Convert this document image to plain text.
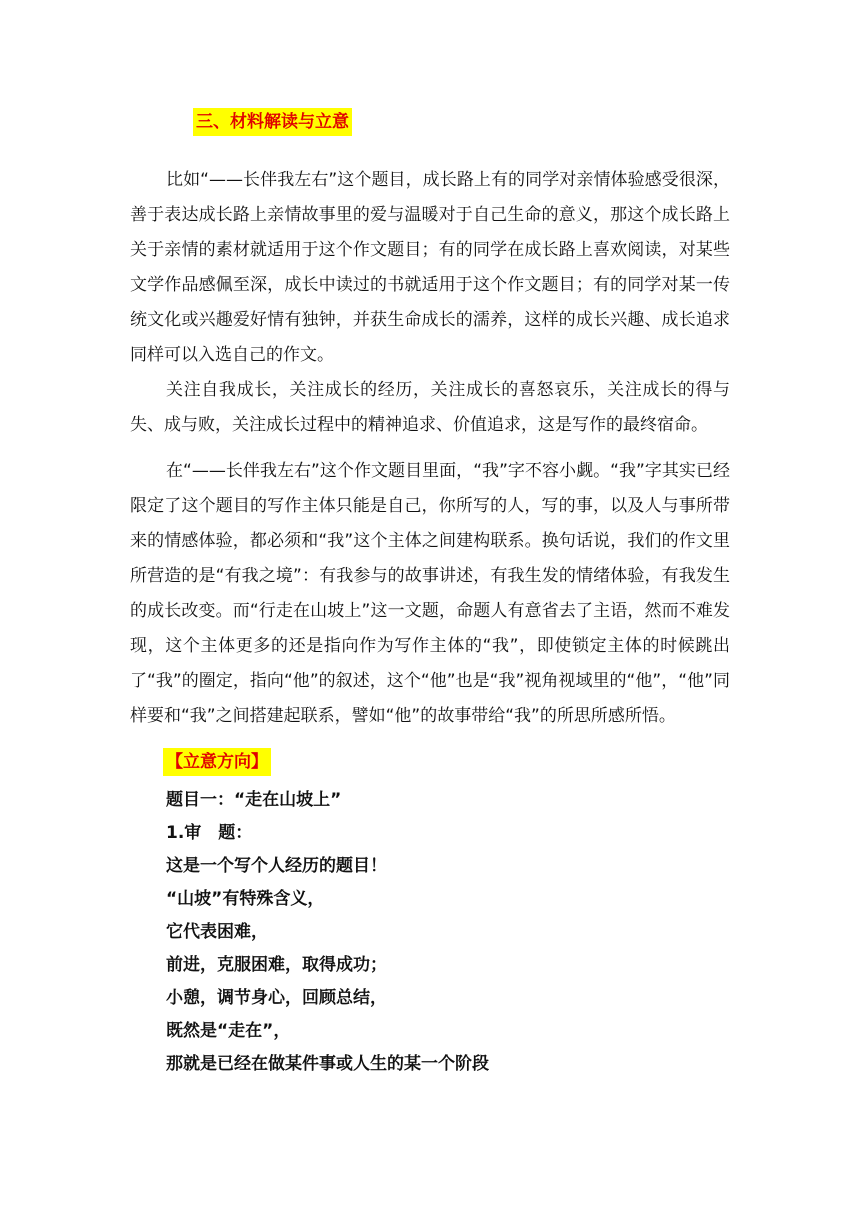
三、材料解读与立意

比如“——长伴我左右”这个题目，成长路上有的同学对亲情体验感受很深，善于表达成长路上亲情故事里的爱与温暖对于自己生命的意义，那这个成长路上关于亲情的素材就适用于这个作文题目；有的同学在成长路上喜欢阅读，对某些文学作品感佩至深，成长中读过的书就适用于这个作文题目；有的同学对某一传统文化或兴趣爱好情有独钟，并获生命成长的濡养，这样的成长兴趣、成长追求同样可以入选自己的作文。

关注自我成长，关注成长的经历，关注成长的喜怒哀乐，关注成长的得与失、成与败，关注成长过程中的精神追求、价值追求，这是写作的最终宿命。

在“——长伴我左右”这个作文题目里面，“我”字不容小觑。“我”字其实已经限定了这个题目的写作主体只能是自己，你所写的人，写的事，以及人与事所带来的情感体验，都必须和“我”这个主体之间建构联系。换句话说，我们的作文里所营造的是“有我之境”：有我参与的故事讲述，有我生发的情绪体验，有我发生的成长改变。而“行走在山坡上”这一文题，命题人有意省去了主语，然而不难发现，这个主体更多的还是指向作为写作主体的“我”，即使锁定主体的时候跳出了“我”的圈定，指向“他”的叙述，这个“他”也是“我”视角视域里的“他”，“他”同样要和“我”之间搭建起联系，譬如“他”的故事带给“我”的所思所感所悟。

【立意方向】
题目一：“走在山坡上”
1.审　题：
这是一个写个人经历的题目！
“山坡”有特殊含义，
它代表困难，
前进，克服困难，取得成功；
小憩，调节身心，回顾总结，
既然是“走在”，
那就是已经在做某件事或人生的某一个阶段
